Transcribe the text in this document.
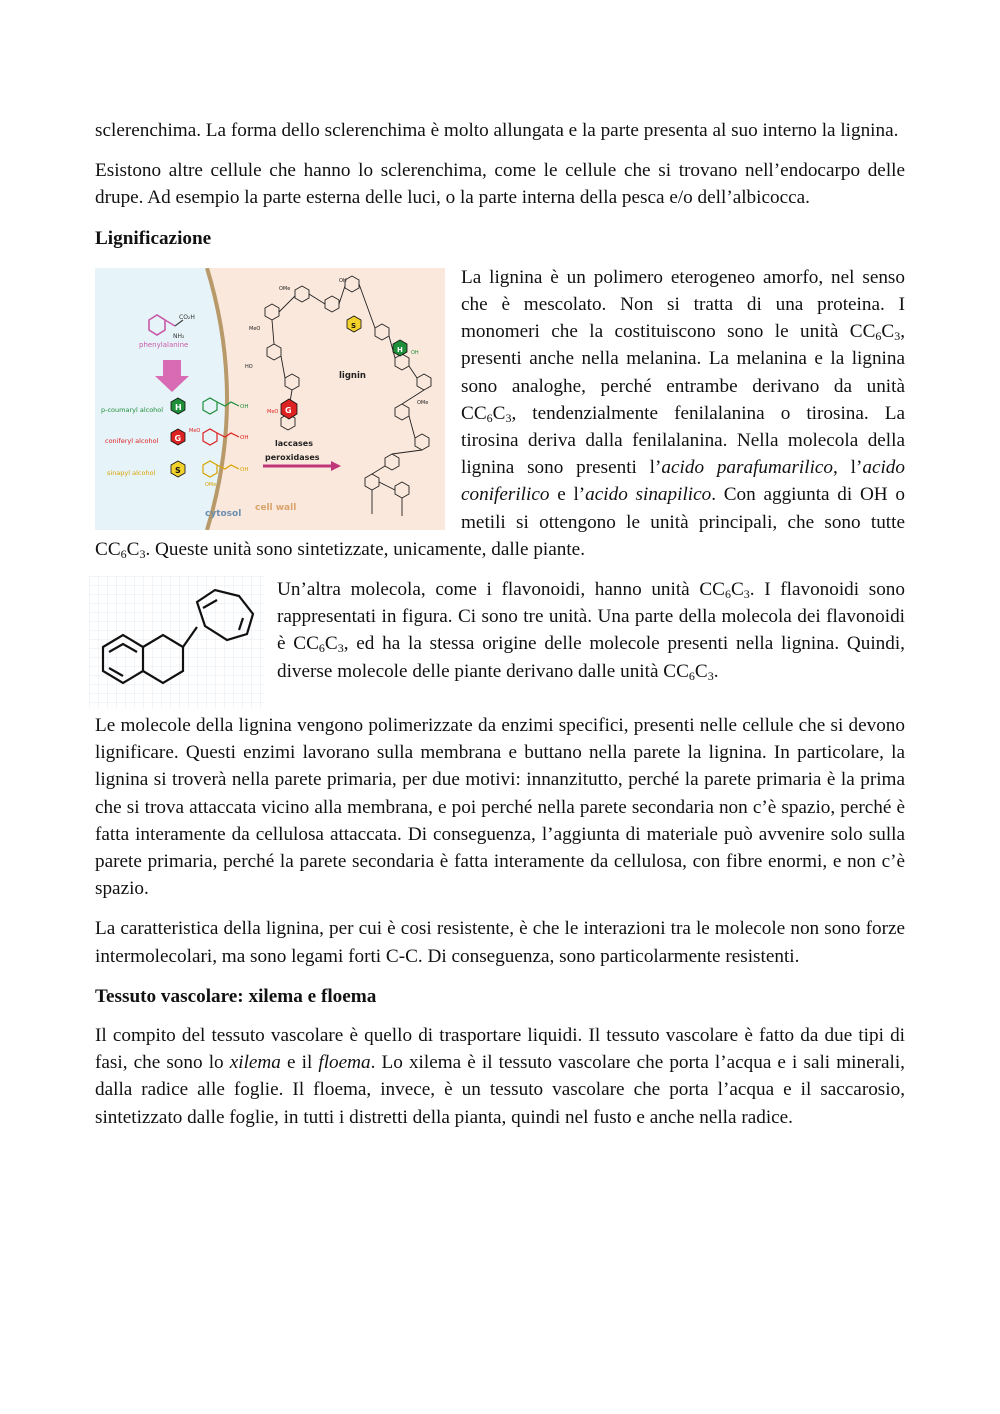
sclerenchima. La forma dello sclerenchima è molto allungata e la parte presenta al suo interno la lignina.

Esistono altre cellule che hanno lo sclerenchima, come le cellule che si trovano nell’endocarpo delle drupe. Ad esempio la parte esterna delle luci, o la parte interna della pesca e/o dell’albicocca.

Lignificazione
CO₂H
NH₂
phenylalanine
p-coumaryl alcohol H	OH
coniferyl alcohol G	OH
MeO
sinapyl alcohol S	OH
OMe
cytosol
cell wall
laccases
peroxidases
lignin
S
H
G
MeO
OMe
OH
MeO
HO
OH
OMe

La lignina è un polimero eterogeneo amorfo, nel senso che è mescolato. Non si tratta di una proteina. I monomeri che la costituiscono sono le unità $CC_6C_3$, presenti anche nella melanina. La melanina e la lignina sono analoghe, perché entrambe derivano da unità $CC_6C_3$, tendenzialmente fenilalanina o tirosina. La tirosina deriva dalla fenilalanina. Nella molecola della lignina sono presenti l’acido parafumarilico, l’acido coniferilico e l’acido sinapilico. Con aggiunta di OH o metili si ottengono le unità principali, che sono tutte $CC_6C_3$. Queste unità sono sintetizzate, unicamente, dalle piante.

Un’altra molecola, come i flavonoidi, hanno unità $CC_6C_3$. I flavonoidi sono rappresentati in figura. Ci sono tre unità. Una parte della molecola dei flavonoidi è $CC_6C_3$, ed ha la stessa origine delle molecole presenti nella lignina. Quindi, diverse molecole delle piante derivano dalle unità $CC_6C_3$.

Le molecole della lignina vengono polimerizzate da enzimi specifici, presenti nelle cellule che si devono lignificare. Questi enzimi lavorano sulla membrana e buttano nella parete la lignina. In particolare, la lignina si troverà nella parete primaria, per due motivi: innanzitutto, perché la parete primaria è la prima che si trova attaccata vicino alla membrana, e poi perché nella parete secondaria non c’è spazio, perché è fatta interamente da cellulosa attaccata. Di conseguenza, l’aggiunta di materiale può avvenire solo sulla parete primaria, perché la parete secondaria è fatta interamente da cellulosa, con fibre enormi, e non c’è spazio.

La caratteristica della lignina, per cui è cosi resistente, è che le interazioni tra le molecole non sono forze intermolecolari, ma sono legami forti C-C. Di conseguenza, sono particolarmente resistenti.

Tessuto vascolare: xilema e floema

Il compito del tessuto vascolare è quello di trasportare liquidi. Il tessuto vascolare è fatto da due tipi di fasi, che sono lo xilema e il floema. Lo xilema è il tessuto vascolare che porta l’acqua e i sali minerali, dalla radice alle foglie. Il floema, invece, è un tessuto vascolare che porta l’acqua e il saccarosio, sintetizzato dalle foglie, in tutti i distretti della pianta, quindi nel fusto e anche nella radice.
